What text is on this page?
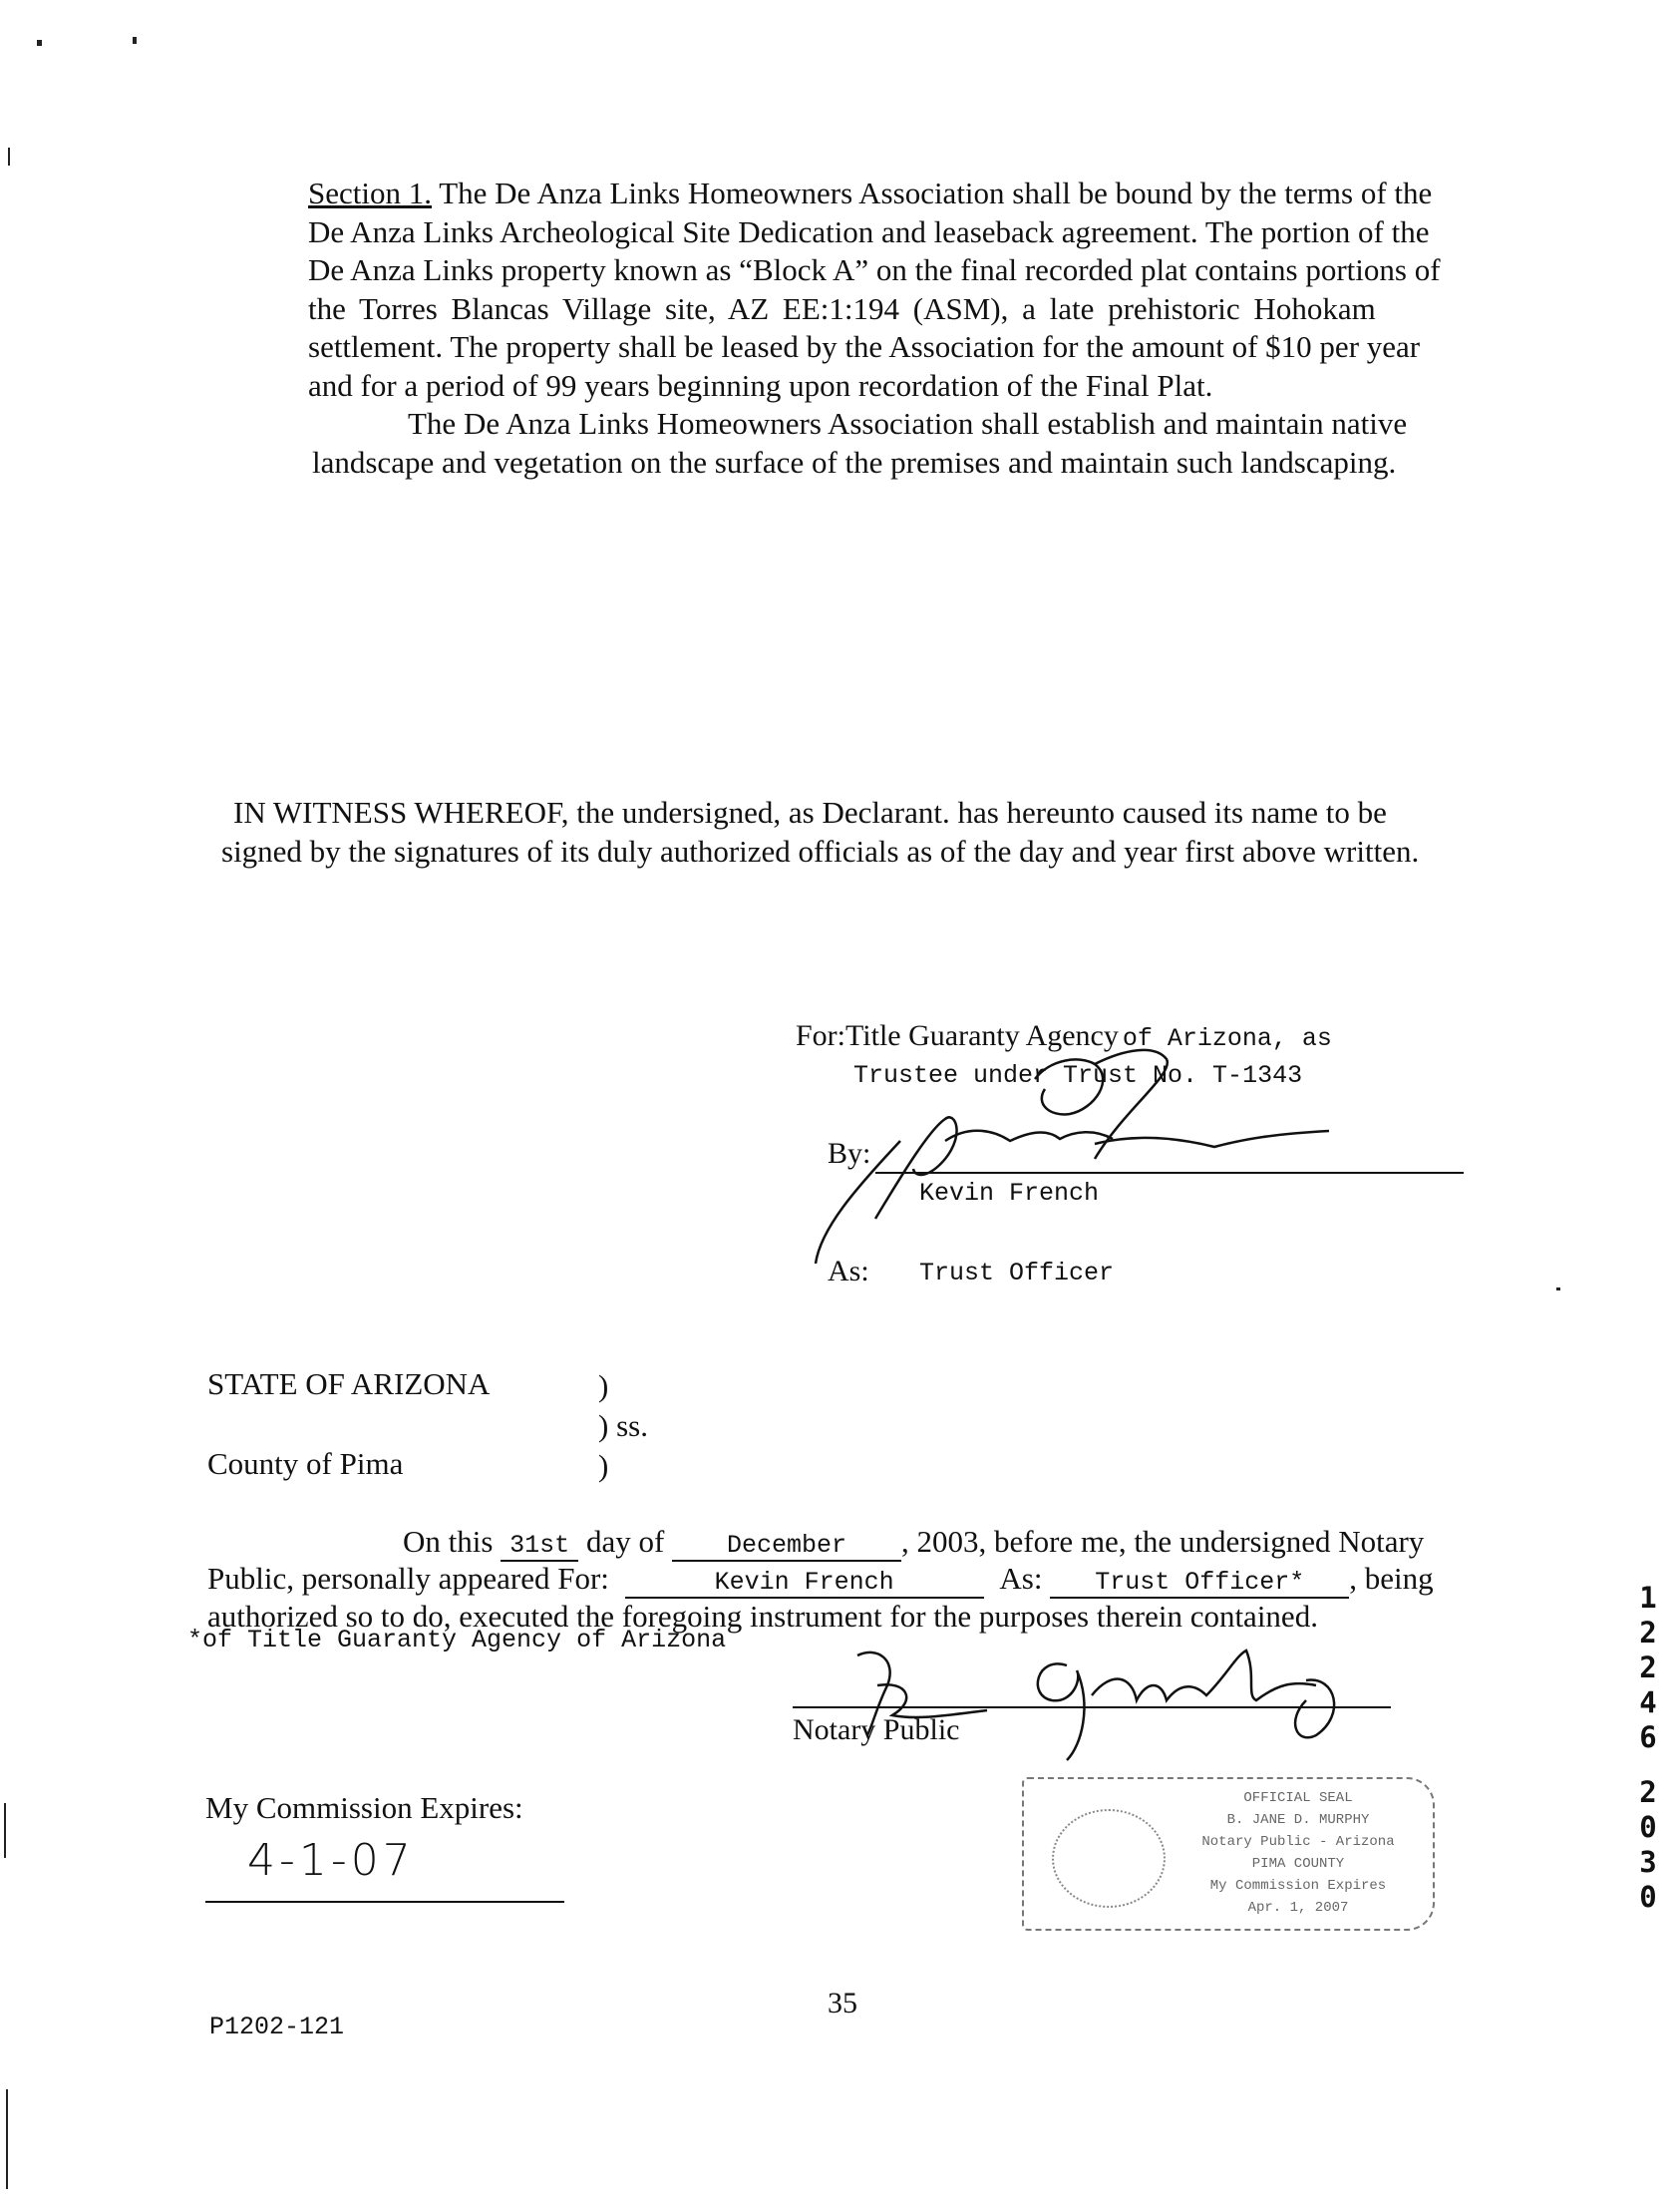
Section 1. The De Anza Links Homeowners Association shall be bound by the terms of the
De Anza Links Archeological Site Dedication and leaseback agreement. The portion of the
De Anza Links property known as “Block A” on the final recorded plat contains portions of
the Torres Blancas Village site, AZ EE:1:194 (ASM), a late prehistoric Hohokam
settlement. The property shall be leased by the Association for the amount of $10 per year
and for a period of 99 years beginning upon recordation of the Final Plat.
The De Anza Links Homeowners Association shall establish and maintain native
landscape and vegetation on the surface of the premises and maintain such landscaping.
IN WITNESS WHEREOF, the undersigned, as Declarant. has hereunto caused its name to be
signed by the signatures of its duly authorized officials as of the day and year first above written.
For:Title Guaranty Agency of Arizona, as
Trustee under Trust No. T-1343
By:
Kevin French
As: Trust Officer
STATE OF ARIZONA	)
) ss.
County of Pima	)
On this 31st day of	December , 2003, before me, the undersigned Notary
Public, personally appeared For:	Kevin French	As: Trust Officer* , being
authorized so to do, executed the foregoing instrument for the purposes therein contained.
*of Title Guaranty Agency of Arizona
Notary Public
My Commission Expires:
4-1-07
OFFICIAL SEAL
B. JANE D. MURPHY
Notary Public - Arizona
PIMA COUNTY
My Commission Expires
Apr. 1, 2007
P1202-121
35
1
2
2
4
6
2
0
3
0
